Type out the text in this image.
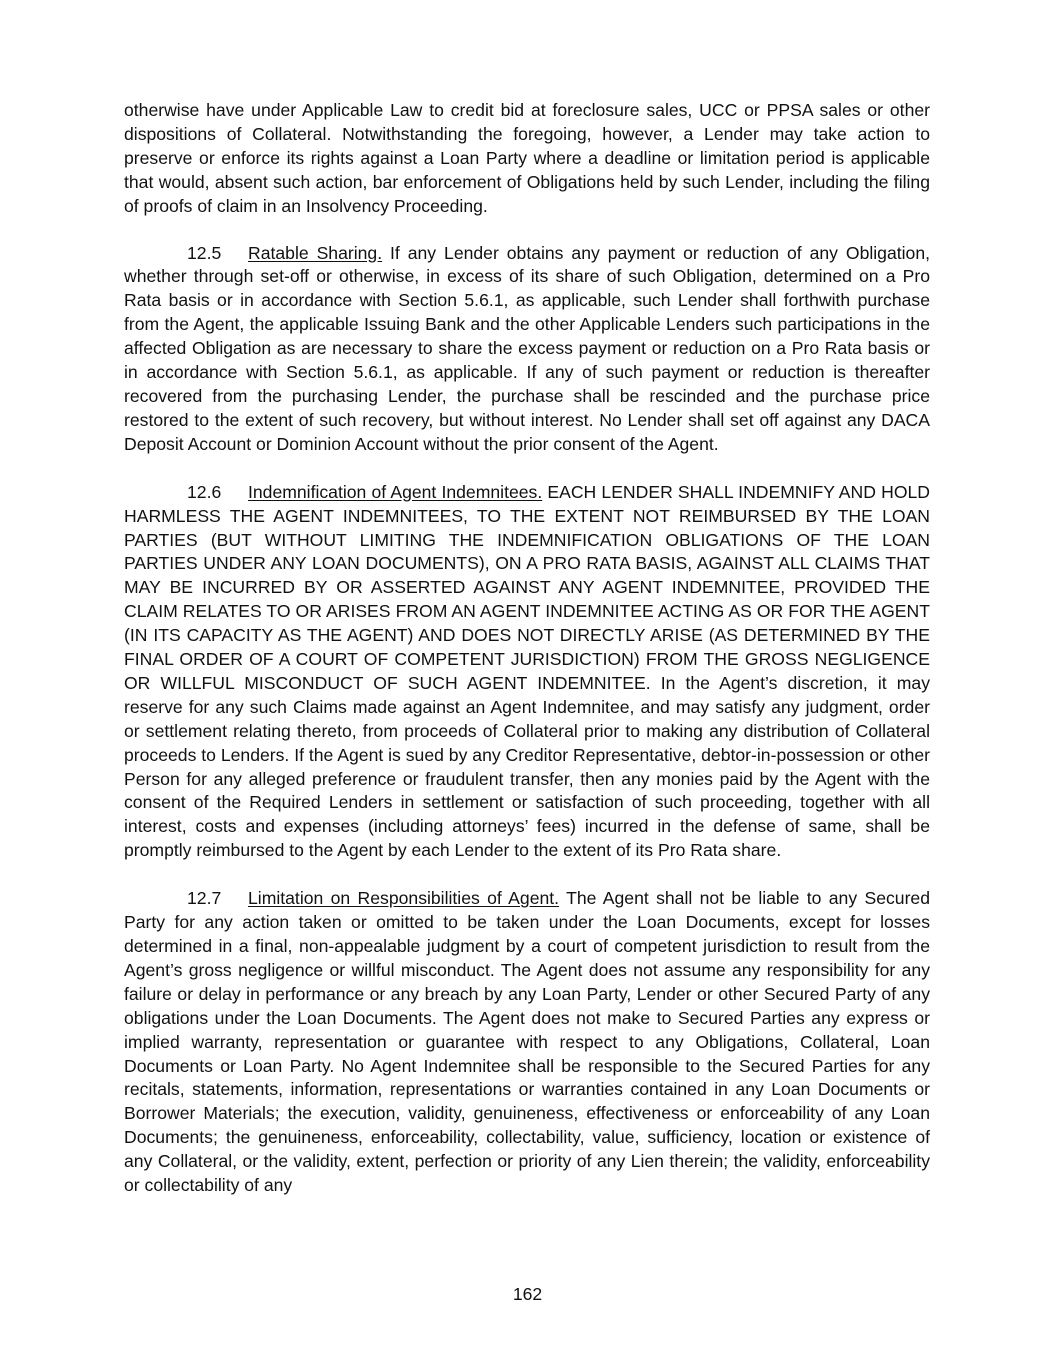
otherwise have under Applicable Law to credit bid at foreclosure sales, UCC or PPSA sales or other dispositions of Collateral. Notwithstanding the foregoing, however, a Lender may take action to preserve or enforce its rights against a Loan Party where a deadline or limitation period is applicable that would, absent such action, bar enforcement of Obligations held by such Lender, including the filing of proofs of claim in an Insolvency Proceeding.

12.5 Ratable Sharing. If any Lender obtains any payment or reduction of any Obligation, whether through set-off or otherwise, in excess of its share of such Obligation, determined on a Pro Rata basis or in accordance with Section 5.6.1, as applicable, such Lender shall forthwith purchase from the Agent, the applicable Issuing Bank and the other Applicable Lenders such participations in the affected Obligation as are necessary to share the excess payment or reduction on a Pro Rata basis or in accordance with Section 5.6.1, as applicable. If any of such payment or reduction is thereafter recovered from the purchasing Lender, the purchase shall be rescinded and the purchase price restored to the extent of such recovery, but without interest. No Lender shall set off against any DACA Deposit Account or Dominion Account without the prior consent of the Agent.

12.6 Indemnification of Agent Indemnitees. EACH LENDER SHALL INDEMNIFY AND HOLD HARMLESS THE AGENT INDEMNITEES, TO THE EXTENT NOT REIMBURSED BY THE LOAN PARTIES (BUT WITHOUT LIMITING THE INDEMNIFICATION OBLIGATIONS OF THE LOAN PARTIES UNDER ANY LOAN DOCUMENTS), ON A PRO RATA BASIS, AGAINST ALL CLAIMS THAT MAY BE INCURRED BY OR ASSERTED AGAINST ANY AGENT INDEMNITEE, PROVIDED THE CLAIM RELATES TO OR ARISES FROM AN AGENT INDEMNITEE ACTING AS OR FOR THE AGENT (IN ITS CAPACITY AS THE AGENT) AND DOES NOT DIRECTLY ARISE (AS DETERMINED BY THE FINAL ORDER OF A COURT OF COMPETENT JURISDICTION) FROM THE GROSS NEGLIGENCE OR WILLFUL MISCONDUCT OF SUCH AGENT INDEMNITEE. In the Agent’s discretion, it may reserve for any such Claims made against an Agent Indemnitee, and may satisfy any judgment, order or settlement relating thereto, from proceeds of Collateral prior to making any distribution of Collateral proceeds to Lenders. If the Agent is sued by any Creditor Representative, debtor-in-possession or other Person for any alleged preference or fraudulent transfer, then any monies paid by the Agent with the consent of the Required Lenders in settlement or satisfaction of such proceeding, together with all interest, costs and expenses (including attorneys’ fees) incurred in the defense of same, shall be promptly reimbursed to the Agent by each Lender to the extent of its Pro Rata share.

12.7 Limitation on Responsibilities of Agent. The Agent shall not be liable to any Secured Party for any action taken or omitted to be taken under the Loan Documents, except for losses determined in a final, non-appealable judgment by a court of competent jurisdiction to result from the Agent’s gross negligence or willful misconduct. The Agent does not assume any responsibility for any failure or delay in performance or any breach by any Loan Party, Lender or other Secured Party of any obligations under the Loan Documents. The Agent does not make to Secured Parties any express or implied warranty, representation or guarantee with respect to any Obligations, Collateral, Loan Documents or Loan Party. No Agent Indemnitee shall be responsible to the Secured Parties for any recitals, statements, information, representations or warranties contained in any Loan Documents or Borrower Materials; the execution, validity, genuineness, effectiveness or enforceability of any Loan Documents; the genuineness, enforceability, collectability, value, sufficiency, location or existence of any Collateral, or the validity, extent, perfection or priority of any Lien therein; the validity, enforceability or collectability of any

162
